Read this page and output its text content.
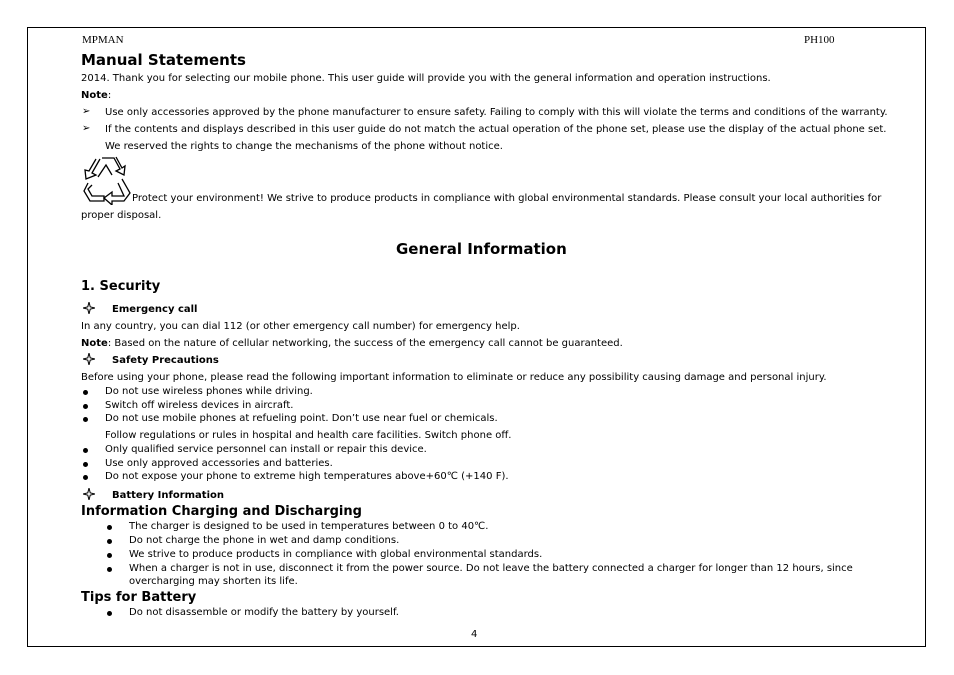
MPMAN	PH100
Manual Statements
2014. Thank you for selecting our mobile phone. This user guide will provide you with the general information and operation instructions.
Note:
➢ Use only accessories approved by the phone manufacturer to ensure safety. Failing to comply with this will violate the terms and conditions of the warranty.
➢ If the contents and displays described in this user guide do not match the actual operation of the phone set, please use the display of the actual phone set.
We reserved the rights to change the mechanisms of the phone without notice.
Protect your environment! We strive to produce products in compliance with global environmental standards. Please consult your local authorities for
proper disposal.
General Information
1. Security
Emergency call
In any country, you can dial 112 (or other emergency call number) for emergency help.
Note: Based on the nature of cellular networking, the success of the emergency call cannot be guaranteed.
Safety Precautions
Before using your phone, please read the following important information to eliminate or reduce any possibility causing damage and personal injury.
Do not use wireless phones while driving.
Switch off wireless devices in aircraft.
Do not use mobile phones at refueling point. Don’t use near fuel or chemicals.
Follow regulations or rules in hospital and health care facilities. Switch phone off.
Only qualified service personnel can install or repair this device.
Use only approved accessories and batteries.
Do not expose your phone to extreme high temperatures above+60℃ (+140 F).
Battery Information
Information Charging and Discharging
The charger is designed to be used in temperatures between 0 to 40℃.
Do not charge the phone in wet and damp conditions.
We strive to produce products in compliance with global environmental standards.
When a charger is not in use, disconnect it from the power source. Do not leave the battery connected a charger for longer than 12 hours, since
overcharging may shorten its life.
Tips for Battery
Do not disassemble or modify the battery by yourself.
4
